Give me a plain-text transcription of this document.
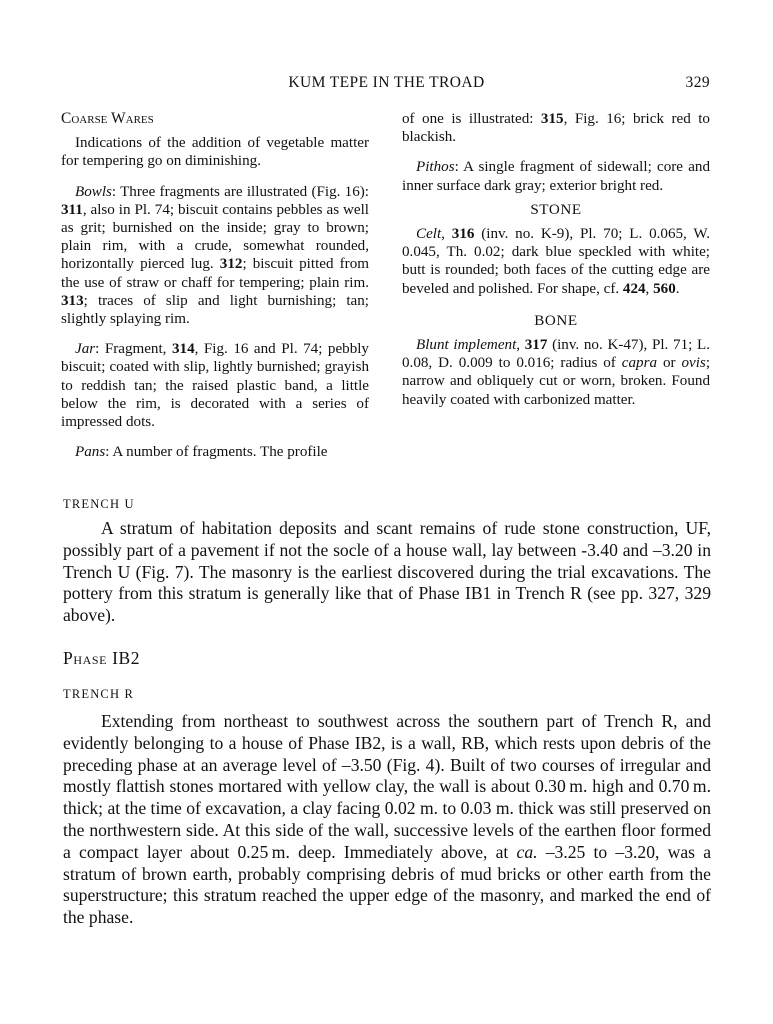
KUM TEPE IN THE TROAD	329
Coarse Wares

Indications of the addition of vegetable matter for tempering go on diminishing.

Bowls: Three fragments are illustrated (Fig. 16): 311, also in Pl. 74; biscuit contains pebbles as well as grit; burnished on the inside; gray to brown; plain rim, with a crude, somewhat rounded, horizontally pierced lug. 312; biscuit pitted from the use of straw or chaff for tempering; plain rim. 313; traces of slip and light burnishing; tan; slightly splaying rim.

Jar: Fragment, 314, Fig. 16 and Pl. 74; pebbly biscuit; coated with slip, lightly burnished; grayish to reddish tan; the raised plastic band, a little below the rim, is decorated with a series of impressed dots.

Pans: A number of fragments. The profile

of one is illustrated: 315, Fig. 16; brick red to blackish.

Pithos: A single fragment of sidewall; core and inner surface dark gray; exterior bright red.

STONE

Celt, 316 (inv. no. K-9), Pl. 70; L. 0.065, W. 0.045, Th. 0.02; dark blue speckled with white; butt is rounded; both faces of the cutting edge are beveled and polished. For shape, cf. 424, 560.

BONE

Blunt implement, 317 (inv. no. K-47), Pl. 71; L. 0.08, D. 0.009 to 0.016; radius of capra or ovis; narrow and obliquely cut or worn, broken. Found heavily coated with carbonized matter.

TRENCH U

A stratum of habitation deposits and scant remains of rude stone construction, UF, possibly part of a pavement if not the socle of a house wall, lay between -3.40 and –3.20 in Trench U (Fig. 7). The masonry is the earliest discovered during the trial excavations. The pottery from this stratum is generally like that of Phase IB1 in Trench R (see pp. 327, 329 above).

Phase IB2
TRENCH R

Extending from northeast to southwest across the southern part of Trench R, and evidently belonging to a house of Phase IB2, is a wall, RB, which rests upon debris of the preceding phase at an average level of –3.50 (Fig. 4). Built of two courses of irregular and mostly flattish stones mortared with yellow clay, the wall is about 0.30 m. high and 0.70 m. thick; at the time of excavation, a clay facing 0.02 m. to 0.03 m. thick was still preserved on the northwestern side. At this side of the wall, successive levels of the earthen floor formed a compact layer about 0.25 m. deep. Immediately above, at ca. –3.25 to –3.20, was a stratum of brown earth, probably comprising debris of mud bricks or other earth from the superstructure; this stratum reached the upper edge of the masonry, and marked the end of the phase.
